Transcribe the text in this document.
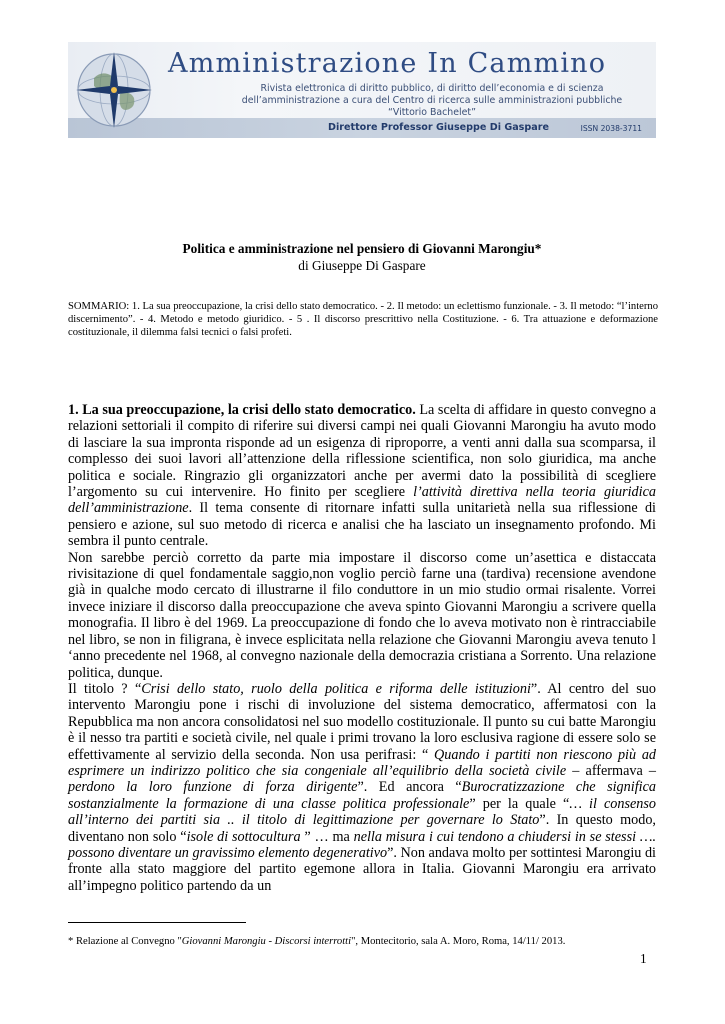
Amministrazione In Cammino
Rivista elettronica di diritto pubblico, di diritto dell’economia e di scienza
dell’amministrazione a cura del Centro di ricerca sulle amministrazioni pubbliche
“Vittorio Bachelet”
Direttore Professor Giuseppe Di Gaspare	ISSN 2038-3711
Politica e amministrazione nel pensiero di Giovanni Marongiu*
di Giuseppe Di Gaspare
SOMMARIO: 1. La sua preoccupazione, la crisi dello stato democratico. - 2. Il metodo: un eclettismo funzionale. - 3. Il metodo: “l’interno discernimento”. - 4. Metodo e metodo giuridico. - 5 . Il discorso prescrittivo nella Costituzione. - 6. Tra attuazione e deformazione costituzionale, il dilemma falsi tecnici o falsi profeti.

1. La sua preoccupazione, la crisi dello stato democratico. La scelta di affidare in questo convegno a relazioni settoriali il compito di riferire sui diversi campi nei quali Giovanni Marongiu ha avuto modo di lasciare la sua impronta risponde ad un esigenza di riproporre, a venti anni dalla sua scomparsa, il complesso dei suoi lavori all’attenzione della riflessione scientifica, non solo giuridica, ma anche politica e sociale. Ringrazio gli organizzatori anche per avermi dato la possibilità di scegliere l’argomento su cui intervenire. Ho finito per scegliere l’attività direttiva nella teoria giuridica dell’amministrazione. Il tema consente di ritornare infatti sulla unitarietà nella sua riflessione di pensiero e azione, sul suo metodo di ricerca e analisi che ha lasciato un insegnamento profondo. Mi sembra il punto centrale.

Non sarebbe perciò corretto da parte mia impostare il discorso come un’asettica e distaccata rivisitazione di quel fondamentale saggio,non voglio perciò farne una (tardiva) recensione avendone già in qualche modo cercato di illustrarne il filo conduttore in un mio studio ormai risalente. Vorrei invece iniziare il discorso dalla preoccupazione che aveva spinto Giovanni Marongiu a scrivere quella monografia. Il libro è del 1969. La preoccupazione di fondo che lo aveva motivato non è rintracciabile nel libro, se non in filigrana, è invece esplicitata nella relazione che Giovanni Marongiu aveva tenuto l ‘anno precedente nel 1968, al convegno nazionale della democrazia cristiana a Sorrento. Una relazione politica, dunque.

Il titolo ? “Crisi dello stato, ruolo della politica e riforma delle istituzioni”. Al centro del suo intervento Marongiu pone i rischi di involuzione del sistema democratico, affermatosi con la Repubblica ma non ancora consolidatosi nel suo modello costituzionale. Il punto su cui batte Marongiu è il nesso tra partiti e società civile, nel quale i primi trovano la loro esclusiva ragione di essere solo se effettivamente al servizio della seconda. Non usa perifrasi: “ Quando i partiti non riescono più ad esprimere un indirizzo politico che sia congeniale all’equilibrio della società civile – affermava – perdono la loro funzione di forza dirigente”. Ed ancora “Burocratizzazione che significa sostanzialmente la formazione di una classe politica professionale” per la quale “… il consenso all’interno dei partiti sia .. il titolo di legittimazione per governare lo Stato”. In questo modo, diventano non solo “isole di sottocultura ” … ma nella misura i cui tendono a chiudersi in se stessi …. possono diventare un gravissimo elemento degenerativo”. Non andava molto per sottintesi Marongiu di fronte alla stato maggiore del partito egemone allora in Italia. Giovanni Marongiu era arrivato all’impegno politico partendo da un

* Relazione al Convegno "Giovanni Marongiu - Discorsi interrotti", Montecitorio, sala A. Moro, Roma, 14/11/ 2013.
1
